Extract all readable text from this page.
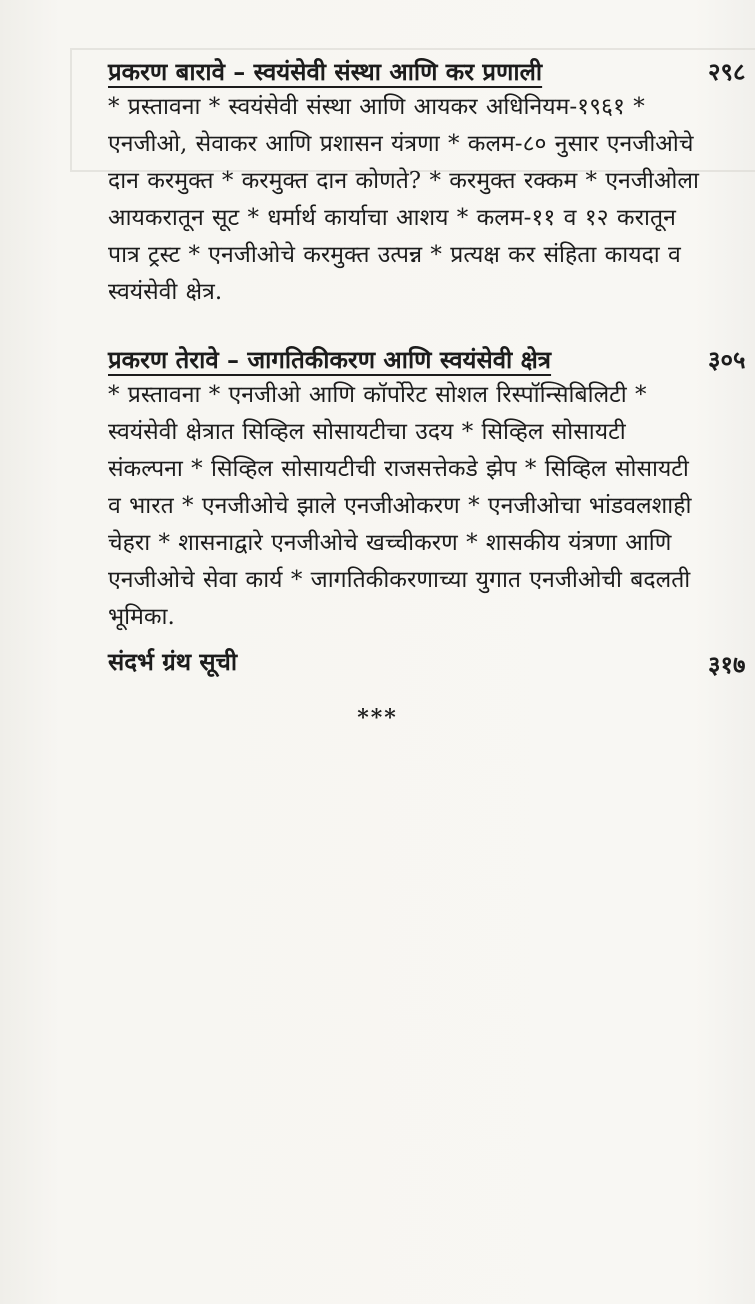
प्रकरण बारावे – स्वयंसेवी संस्था आणि कर प्रणाली
* प्रस्तावना * स्वयंसेवी संस्था आणि आयकर अधिनियम-१९६१ * एनजीओ, सेवाकर आणि प्रशासन यंत्रणा * कलम-८० नुसार एनजीओचे दान करमुक्त * करमुक्त दान कोणते? * करमुक्त रक्कम * एनजीओला आयकरातून सूट * धर्मार्थ कार्याचा आशय * कलम-११ व १२ करातून पात्र ट्रस्ट * एनजीओचे करमुक्त उत्पन्न * प्रत्यक्ष कर संहिता कायदा व स्वयंसेवी क्षेत्र.
२९८
प्रकरण तेरावे – जागतिकीकरण आणि स्वयंसेवी क्षेत्र
* प्रस्तावना * एनजीओ आणि कॉर्पोरेट सोशल रिस्पॉन्सिबिलिटी * स्वयंसेवी क्षेत्रात सिव्हिल सोसायटीचा उदय * सिव्हिल सोसायटी संकल्पना * सिव्हिल सोसायटीची राजसत्तेकडे झेप * सिव्हिल सोसायटी व भारत * एनजीओचे झाले एनजीओकरण * एनजीओचा भांडवलशाही चेहरा * शासनाद्वारे एनजीओचे खच्चीकरण * शासकीय यंत्रणा आणि एनजीओचे सेवा कार्य * जागतिकीकरणाच्या युगात एनजीओची बदलती भूमिका.
३०५
संदर्भ ग्रंथ सूची	३१७
***
